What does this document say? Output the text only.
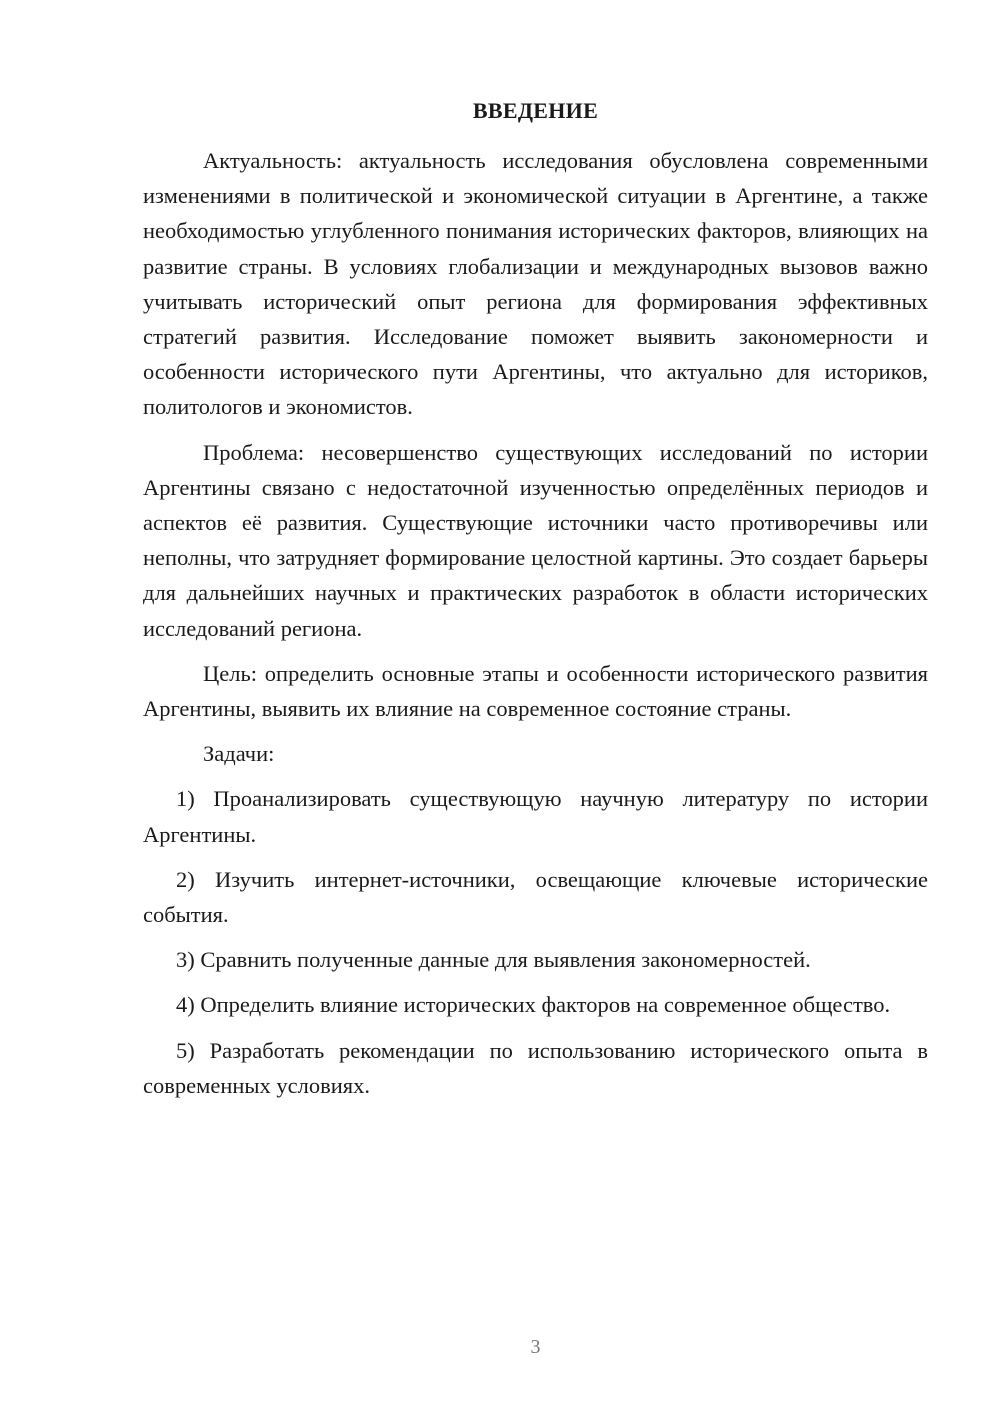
ВВЕДЕНИЕ

Актуальность: актуальность исследования обусловлена современными изменениями в политической и экономической ситуации в Аргентине, а также необходимостью углубленного понимания исторических факторов, влияющих на развитие страны. В условиях глобализации и международных вызовов важно учитывать исторический опыт региона для формирования эффективных стратегий развития. Исследование поможет выявить закономерности и особенности исторического пути Аргентины, что актуально для историков, политологов и экономистов.

Проблема: несовершенство существующих исследований по истории Аргентины связано с недостаточной изученностью определённых периодов и аспектов её развития. Существующие источники часто противоречивы или неполны, что затрудняет формирование целостной картины. Это создает барьеры для дальнейших научных и практических разработок в области исторических исследований региона.

Цель: определить основные этапы и особенности исторического развития Аргентины, выявить их влияние на современное состояние страны.

Задачи:

1) Проанализировать существующую научную литературу по истории Аргентины.

2) Изучить интернет-источники, освещающие ключевые исторические события.

3) Сравнить полученные данные для выявления закономерностей.

4) Определить влияние исторических факторов на современное общество.

5) Разработать рекомендации по использованию исторического опыта в современных условиях.

3
